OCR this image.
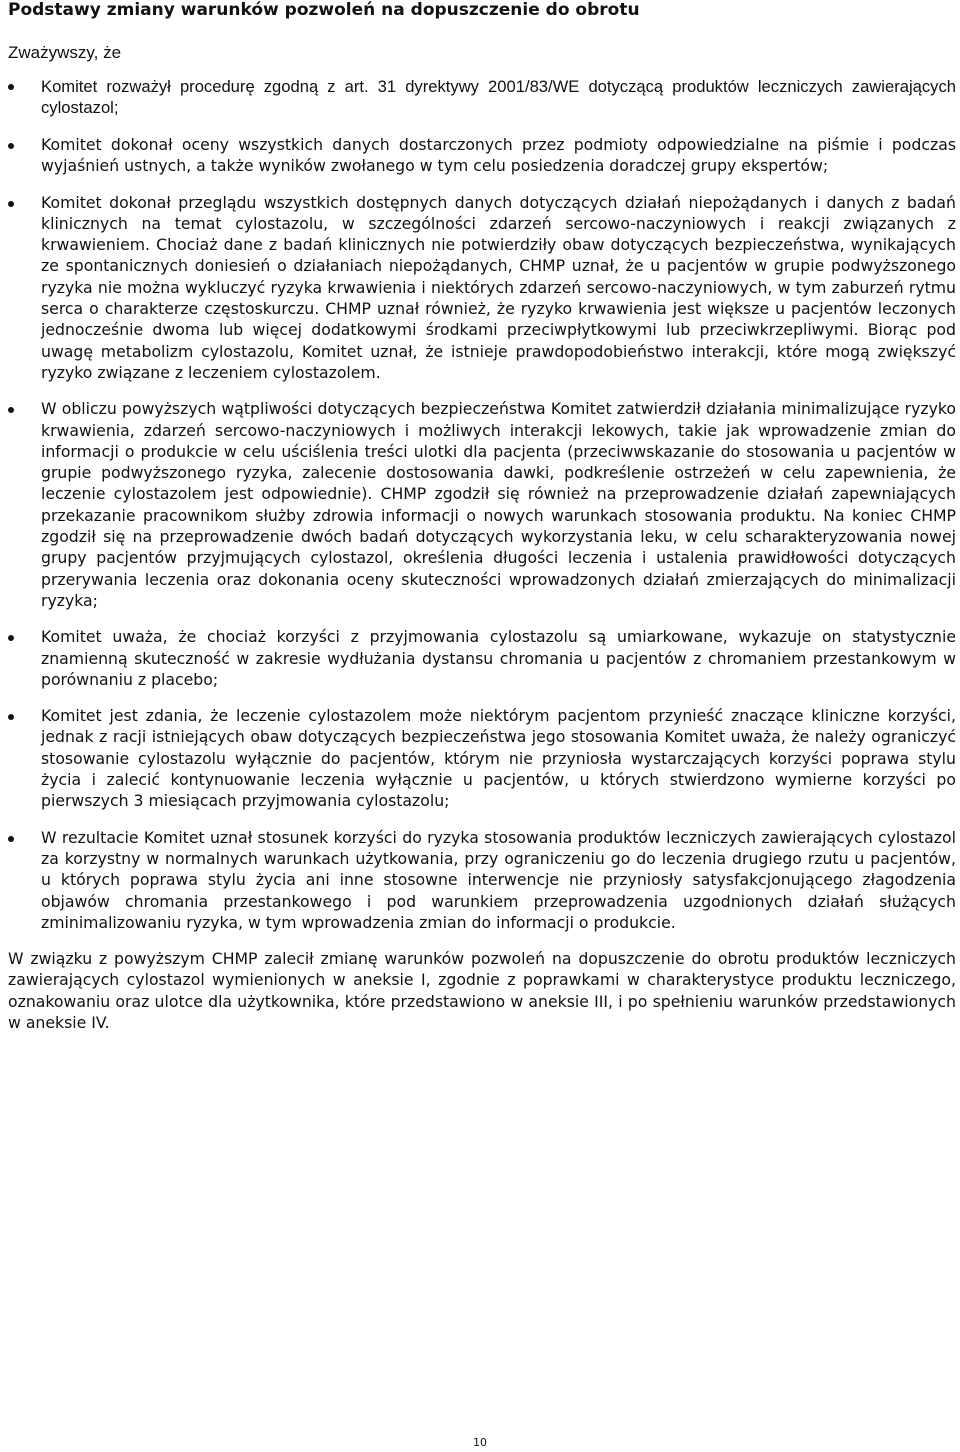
Podstawy zmiany warunków pozwoleń na dopuszczenie do obrotu

Zważywszy, że

Komitet rozważył procedurę zgodną z art. 31 dyrektywy 2001/83/WE dotyczącą produktów leczniczych zawierających cylostazol;
Komitet dokonał oceny wszystkich danych dostarczonych przez podmioty odpowiedzialne na piśmie i podczas wyjaśnień ustnych, a także wyników zwołanego w tym celu posiedzenia doradczej grupy ekspertów;
Komitet dokonał przeglądu wszystkich dostępnych danych dotyczących działań niepożądanych i danych z badań klinicznych na temat cylostazolu, w szczególności zdarzeń sercowo-naczyniowych i reakcji związanych z krwawieniem. Chociaż dane z badań klinicznych nie potwierdziły obaw dotyczących bezpieczeństwa, wynikających ze spontanicznych doniesień o działaniach niepożądanych, CHMP uznał, że u pacjentów w grupie podwyższonego ryzyka nie można wykluczyć ryzyka krwawienia i niektórych zdarzeń sercowo-naczyniowych, w tym zaburzeń rytmu serca o charakterze częstoskurczu. CHMP uznał również, że ryzyko krwawienia jest większe u pacjentów leczonych jednocześnie dwoma lub więcej dodatkowymi środkami przeciwpłytkowymi lub przeciwkrzepliwymi. Biorąc pod uwagę metabolizm cylostazolu, Komitet uznał, że istnieje prawdopodobieństwo interakcji, które mogą zwiększyć ryzyko związane z leczeniem cylostazolem.
W obliczu powyższych wątpliwości dotyczących bezpieczeństwa Komitet zatwierdził działania minimalizujące ryzyko krwawienia, zdarzeń sercowo-naczyniowych i możliwych interakcji lekowych, takie jak wprowadzenie zmian do informacji o produkcie w celu uściślenia treści ulotki dla pacjenta (przeciwwskazanie do stosowania u pacjentów w grupie podwyższonego ryzyka, zalecenie dostosowania dawki, podkreślenie ostrzeżeń w celu zapewnienia, że leczenie cylostazolem jest odpowiednie). CHMP zgodził się również na przeprowadzenie działań zapewniających przekazanie pracownikom służby zdrowia informacji o nowych warunkach stosowania produktu. Na koniec CHMP zgodził się na przeprowadzenie dwóch badań dotyczących wykorzystania leku, w celu scharakteryzowania nowej grupy pacjentów przyjmujących cylostazol, określenia długości leczenia i ustalenia prawidłowości dotyczących przerywania leczenia oraz dokonania oceny skuteczności wprowadzonych działań zmierzających do minimalizacji ryzyka;
Komitet uważa, że chociaż korzyści z przyjmowania cylostazolu są umiarkowane, wykazuje on statystycznie znamienną skuteczność w zakresie wydłużania dystansu chromania u pacjentów z chromaniem przestankowym w porównaniu z placebo;
Komitet jest zdania, że leczenie cylostazolem może niektórym pacjentom przynieść znaczące kliniczne korzyści, jednak z racji istniejących obaw dotyczących bezpieczeństwa jego stosowania Komitet uważa, że należy ograniczyć stosowanie cylostazolu wyłącznie do pacjentów, którym nie przyniosła wystarczających korzyści poprawa stylu życia i zalecić kontynuowanie leczenia wyłącznie u pacjentów, u których stwierdzono wymierne korzyści po pierwszych 3 miesiącach przyjmowania cylostazolu;
W rezultacie Komitet uznał stosunek korzyści do ryzyka stosowania produktów leczniczych zawierających cylostazol za korzystny w normalnych warunkach użytkowania, przy ograniczeniu go do leczenia drugiego rzutu u pacjentów, u których poprawa stylu życia ani inne stosowne interwencje nie przyniosły satysfakcjonującego złagodzenia objawów chromania przestankowego i pod warunkiem przeprowadzenia uzgodnionych działań służących zminimalizowaniu ryzyka, w tym wprowadzenia zmian do informacji o produkcie.

W związku z powyższym CHMP zalecił zmianę warunków pozwoleń na dopuszczenie do obrotu produktów leczniczych zawierających cylostazol wymienionych w aneksie I, zgodnie z poprawkami w charakterystyce produktu leczniczego, oznakowaniu oraz ulotce dla użytkownika, które przedstawiono w aneksie III, i po spełnieniu warunków przedstawionych w aneksie IV.

10
